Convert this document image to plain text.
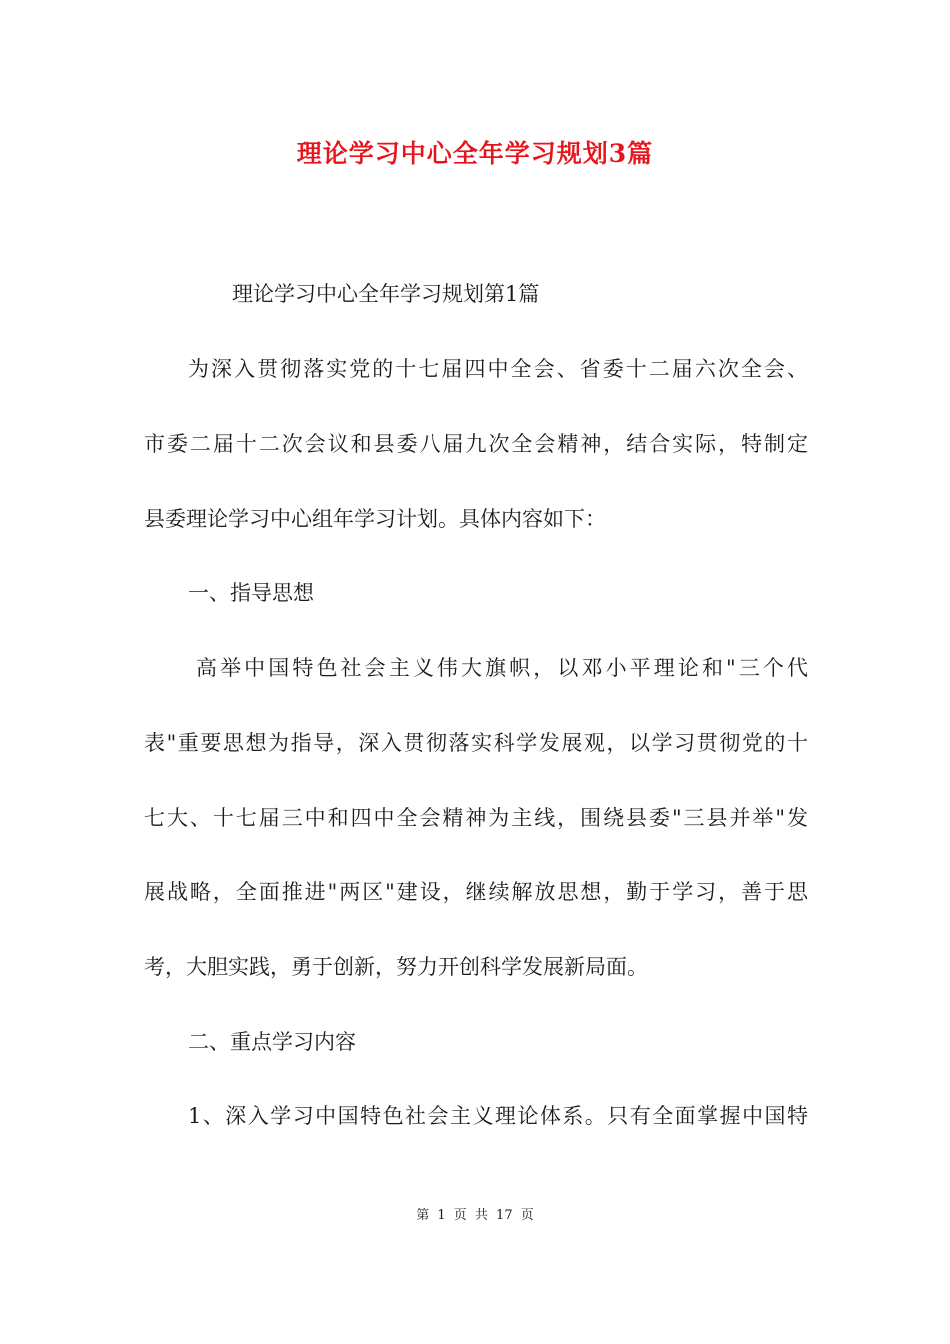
理论学习中心全年学习规划3篇
理论学习中心全年学习规划第1篇
为深入贯彻落实党的十七届四中全会、省委十二届六次全会、
市委二届十二次会议和县委八届九次全会精神，结合实际，特制定
县委理论学习中心组年学习计划。具体内容如下：
一、指导思想
高举中国特色社会主义伟大旗帜，以邓小平理论和"三个代
表"重要思想为指导，深入贯彻落实科学发展观，以学习贯彻党的十
七大、十七届三中和四中全会精神为主线，围绕县委"三县并举"发
展战略，全面推进"两区"建设，继续解放思想，勤于学习，善于思
考，大胆实践，勇于创新，努力开创科学发展新局面。
二、重点学习内容
1、深入学习中国特色社会主义理论体系。只有全面掌握中国特
第 1 页 共 17 页
